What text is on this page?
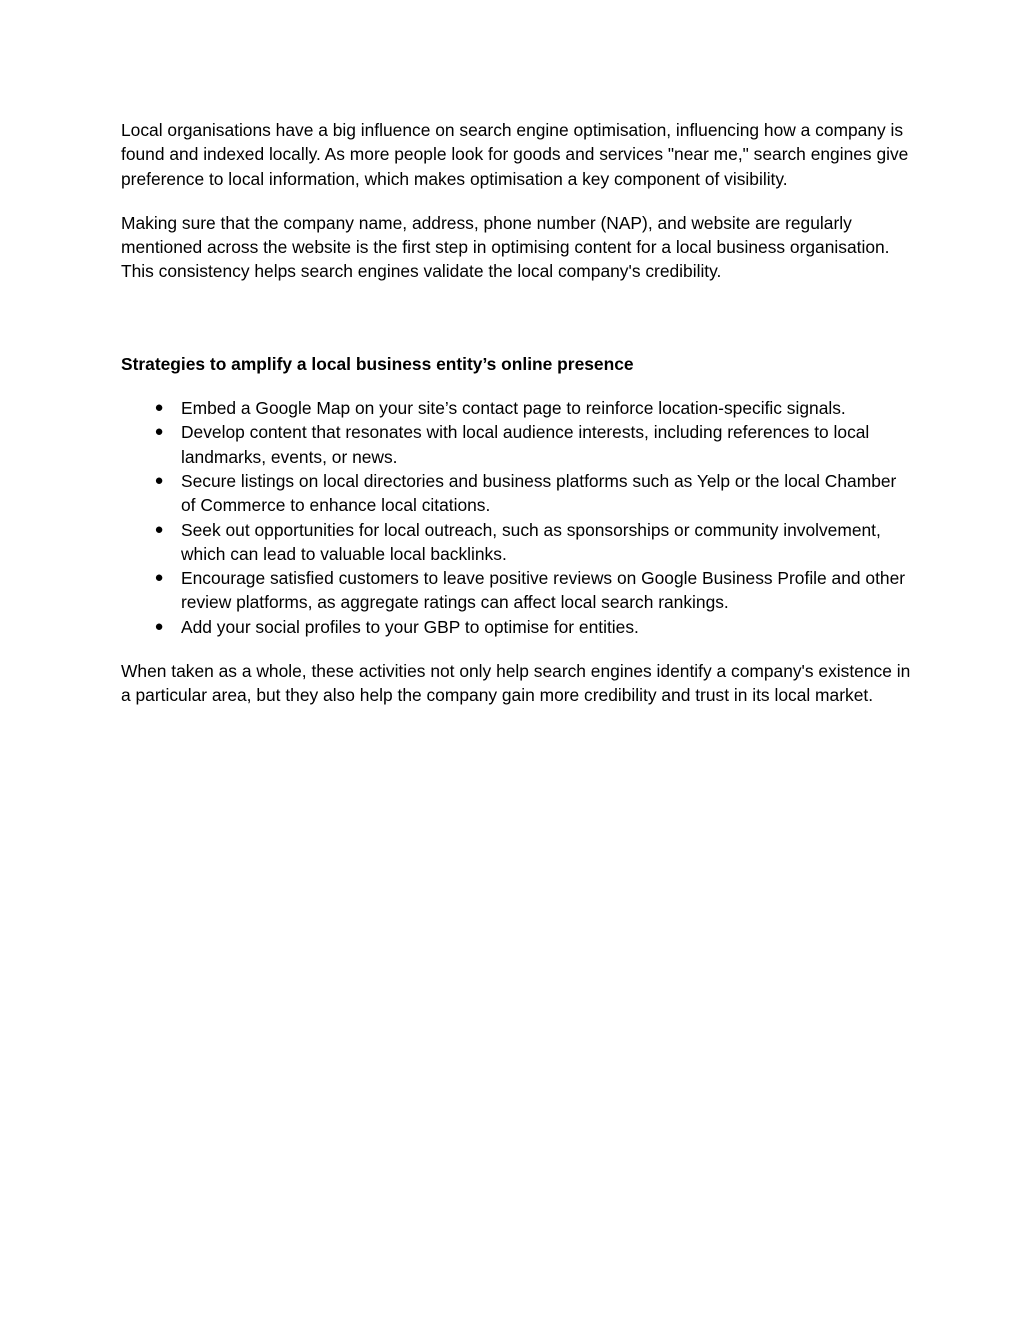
Local organisations have a big influence on search engine optimisation, influencing how a company is found and indexed locally. As more people look for goods and services "near me," search engines give preference to local information, which makes optimisation a key component of visibility.

Making sure that the company name, address, phone number (NAP), and website are regularly mentioned across the website is the first step in optimising content for a local business organisation. This consistency helps search engines validate the local company's credibility.

Strategies to amplify a local business entity’s online presence

● Embed a Google Map on your site’s contact page to reinforce location-specific signals.
● Develop content that resonates with local audience interests, including references to local landmarks, events, or news.
● Secure listings on local directories and business platforms such as Yelp or the local Chamber of Commerce to enhance local citations.
● Seek out opportunities for local outreach, such as sponsorships or community involvement, which can lead to valuable local backlinks.
● Encourage satisfied customers to leave positive reviews on Google Business Profile and other review platforms, as aggregate ratings can affect local search rankings.
● Add your social profiles to your GBP to optimise for entities.

When taken as a whole, these activities not only help search engines identify a company's existence in a particular area, but they also help the company gain more credibility and trust in its local market.
